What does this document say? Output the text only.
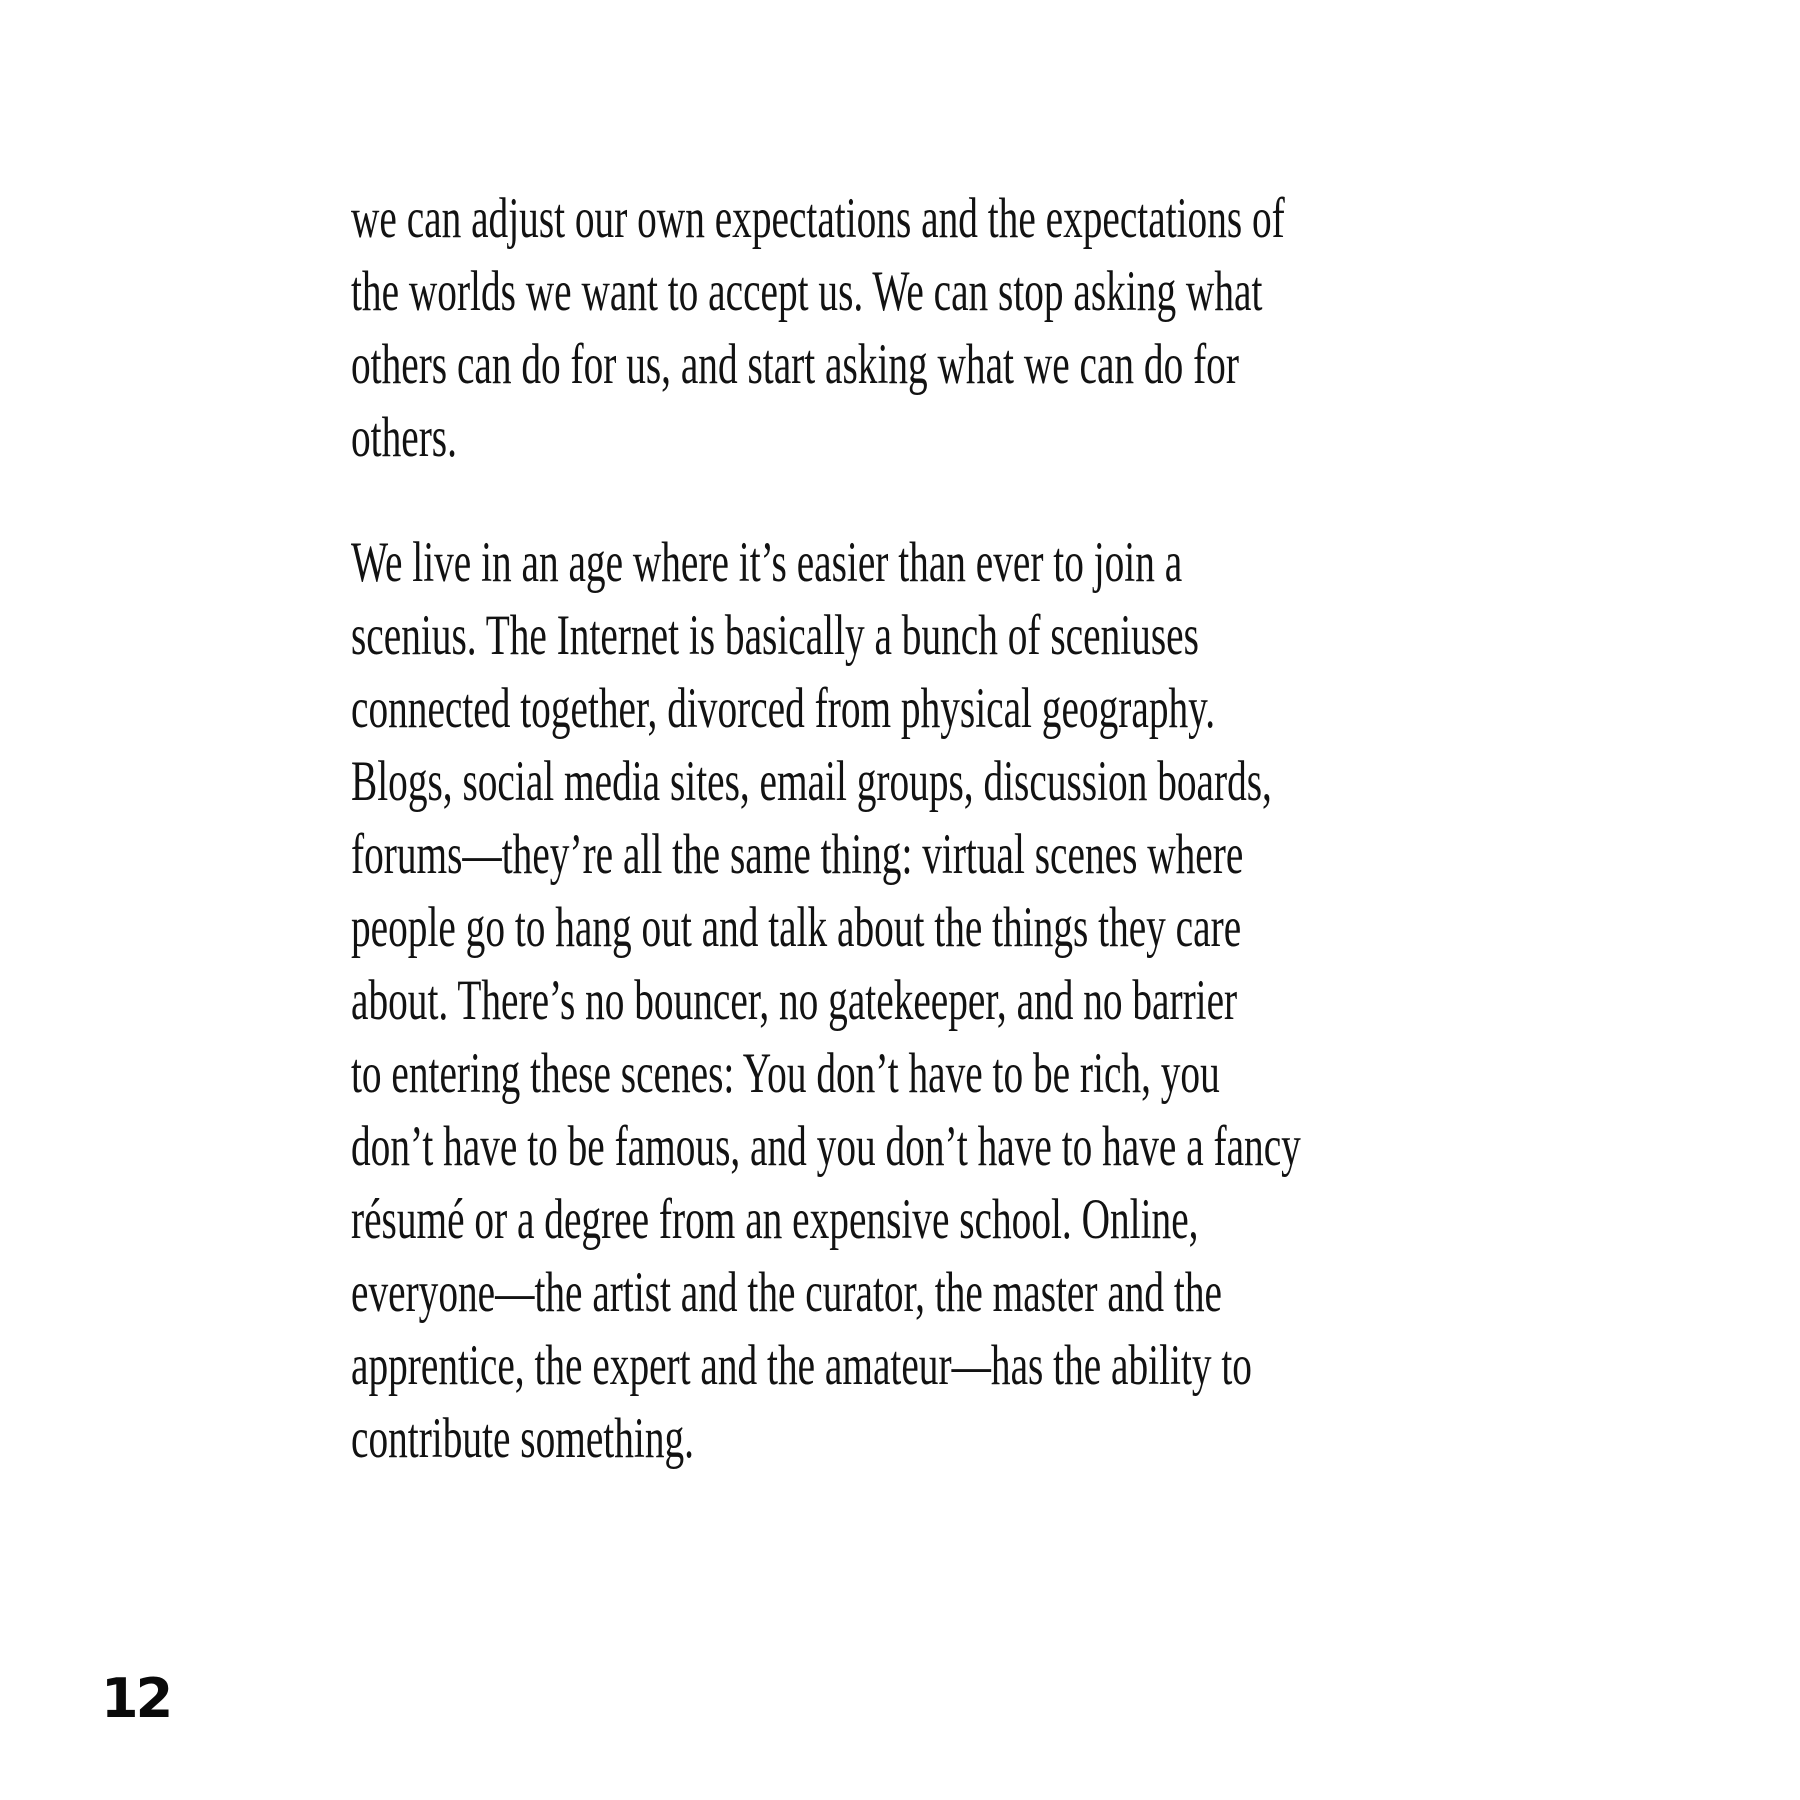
we can adjust our own expectations and the expectations of
the worlds we want to accept us. We can stop asking what
others can do for us, and start asking what we can do for
others.

We live in an age where it’s easier than ever to join a
scenius. The Internet is basically a bunch of sceniuses
connected together, divorced from physical geography.
Blogs, social media sites, email groups, discussion boards,
forums—they’re all the same thing: virtual scenes where
people go to hang out and talk about the things they care
about. There’s no bouncer, no gatekeeper, and no barrier
to entering these scenes: You don’t have to be rich, you
don’t have to be famous, and you don’t have to have a fancy
résumé or a degree from an expensive school. Online,
everyone—the artist and the curator, the master and the
apprentice, the expert and the amateur—has the ability to
contribute something.

12
